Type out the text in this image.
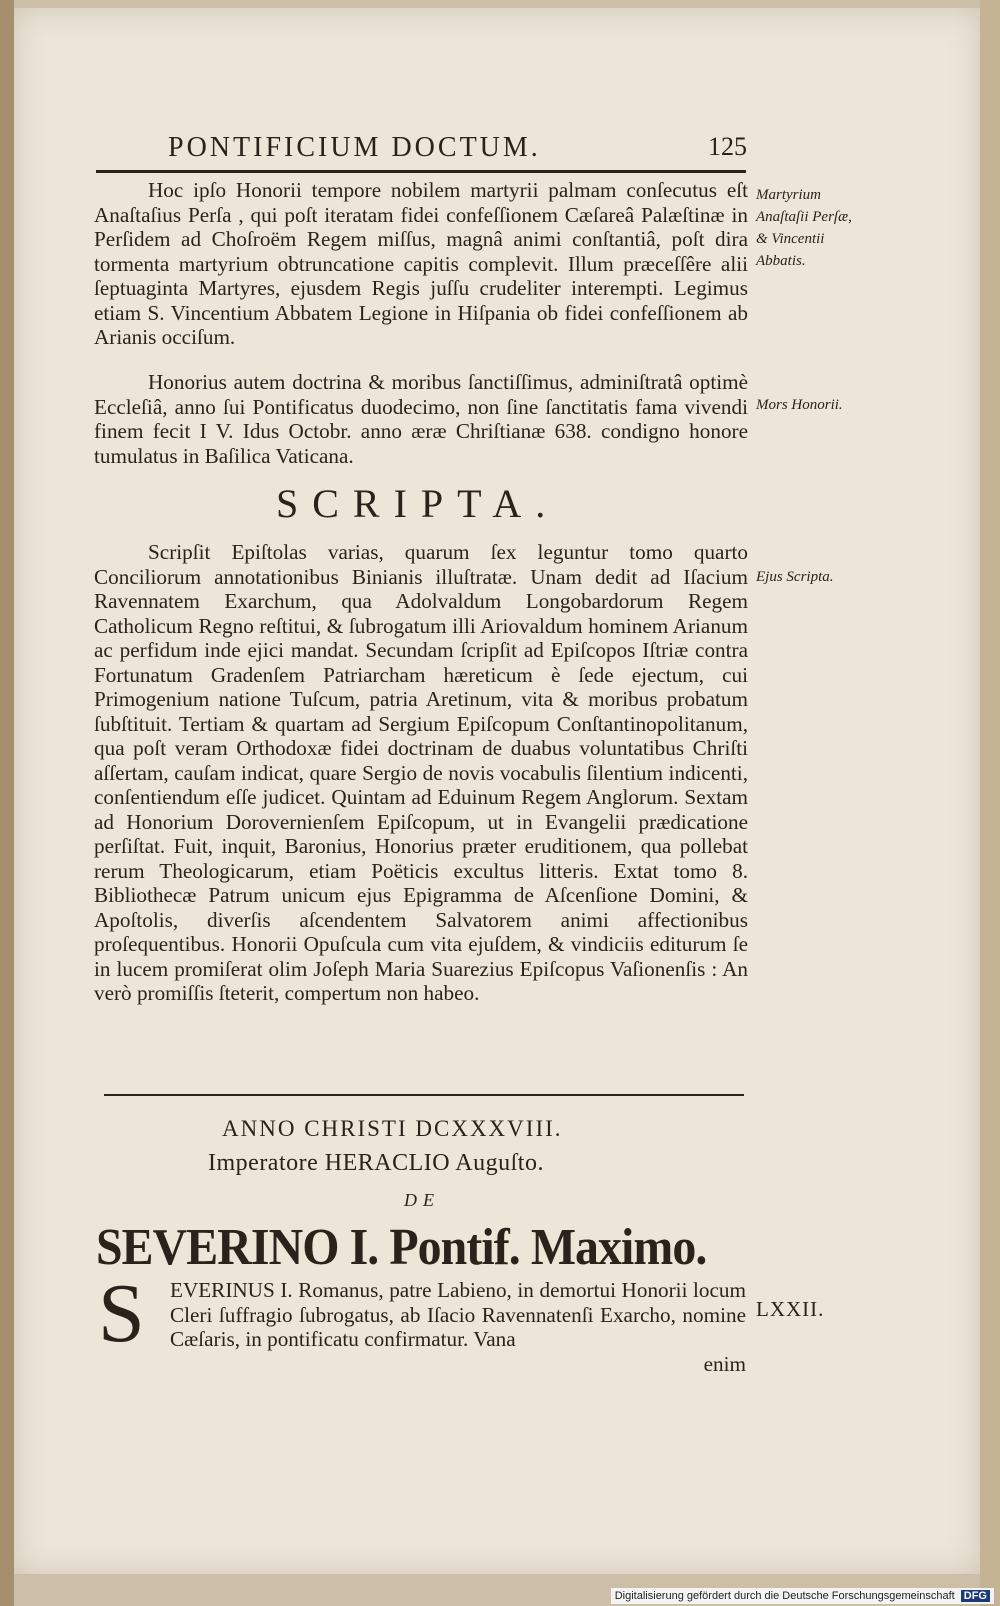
PONTIFICIUM DOCTUM.	125

Hoc ipſo Honorii tempore nobilem martyrii palmam conſecutus eſt Anaſtaſius Perſa , qui poſt iteratam fidei confeſſionem Cæſareâ Palæſtinæ in Perſidem ad Choſroëm Regem miſſus, magnâ animi conſtantiâ, poſt dira tormenta martyrium obtruncatione capitis complevit. Illum præceſſêre alii ſeptuaginta Martyres, ejusdem Regis juſſu crudeliter interempti. Legimus etiam S. Vincentium Abbatem Legione in Hiſpania ob fidei confeſſionem ab Arianis occiſum.

Honorius autem doctrina & moribus ſanctiſſimus, adminiſtratâ optimè Eccleſiâ, anno ſui Pontificatus duodecimo, non ſine ſanctitatis fama vivendi finem fecit I V. Idus Octobr. anno æræ Chriſtianæ 638. condigno honore tumulatus in Baſilica Vaticana.

SCRIPTA.

Scripſit Epiſtolas varias, quarum ſex leguntur tomo quarto Conciliorum annotationibus Binianis illuſtratæ. Unam dedit ad Iſacium Ravennatem Exarchum, qua Adolvaldum Longobardorum Regem Catholicum Regno reſtitui, & ſubrogatum illi Ariovaldum hominem Arianum ac perfidum inde ejici mandat. Secundam ſcripſit ad Epiſcopos Iſtriæ contra Fortunatum Gradenſem Patriarcham hæreticum è ſede ejectum, cui Primogenium natione Tuſcum, patria Aretinum, vita & moribus probatum ſubſtituit. Tertiam & quartam ad Sergium Epiſcopum Conſtantinopolitanum, qua poſt veram Orthodoxæ fidei doctrinam de duabus voluntatibus Chriſti aſſertam, cauſam indicat, quare Sergio de novis vocabulis ſilentium indicenti, conſentiendum eſſe judicet. Quintam ad Eduinum Regem Anglorum. Sextam ad Honorium Dorovernienſem Epiſcopum, ut in Evangelii prædicatione perſiſtat. Fuit, inquit, Baronius, Honorius præter eruditionem, qua pollebat rerum Theologicarum, etiam Poëticis excultus litteris. Extat tomo 8. Bibliothecæ Patrum unicum ejus Epigramma de Aſcenſione Domini, & Apoſtolis, diverſis aſcendentem Salvatorem animi affectionibus proſequentibus. Honorii Opuſcula cum vita ejuſdem, & vindiciis editurum ſe in lucem promiſerat olim Joſeph Maria Suarezius Epiſcopus Vaſionenſis : An verò promiſſis ſteterit, compertum non habeo.

Martyrium Anaſtaſii Perſæ, & Vincentii Abbatis.
Mors Honorii.
Ejus Scripta.
LXXII.
ANNO CHRISTI DCXXXVIII.
Imperatore HERACLIO Auguſto.
DE
SEVERINO I. Pontif. Maximo.
S EVERINUS I. Romanus, patre Labieno, in demortui Honorii locum Cleri ſuffragio ſubrogatus, ab Iſacio Ravennatenſi Exarcho, nomine Cæſaris, in pontificatu confirmatur. Vana
enim
Digitalisierung gefördert durch die Deutsche Forschungsgemeinschaft DFG
